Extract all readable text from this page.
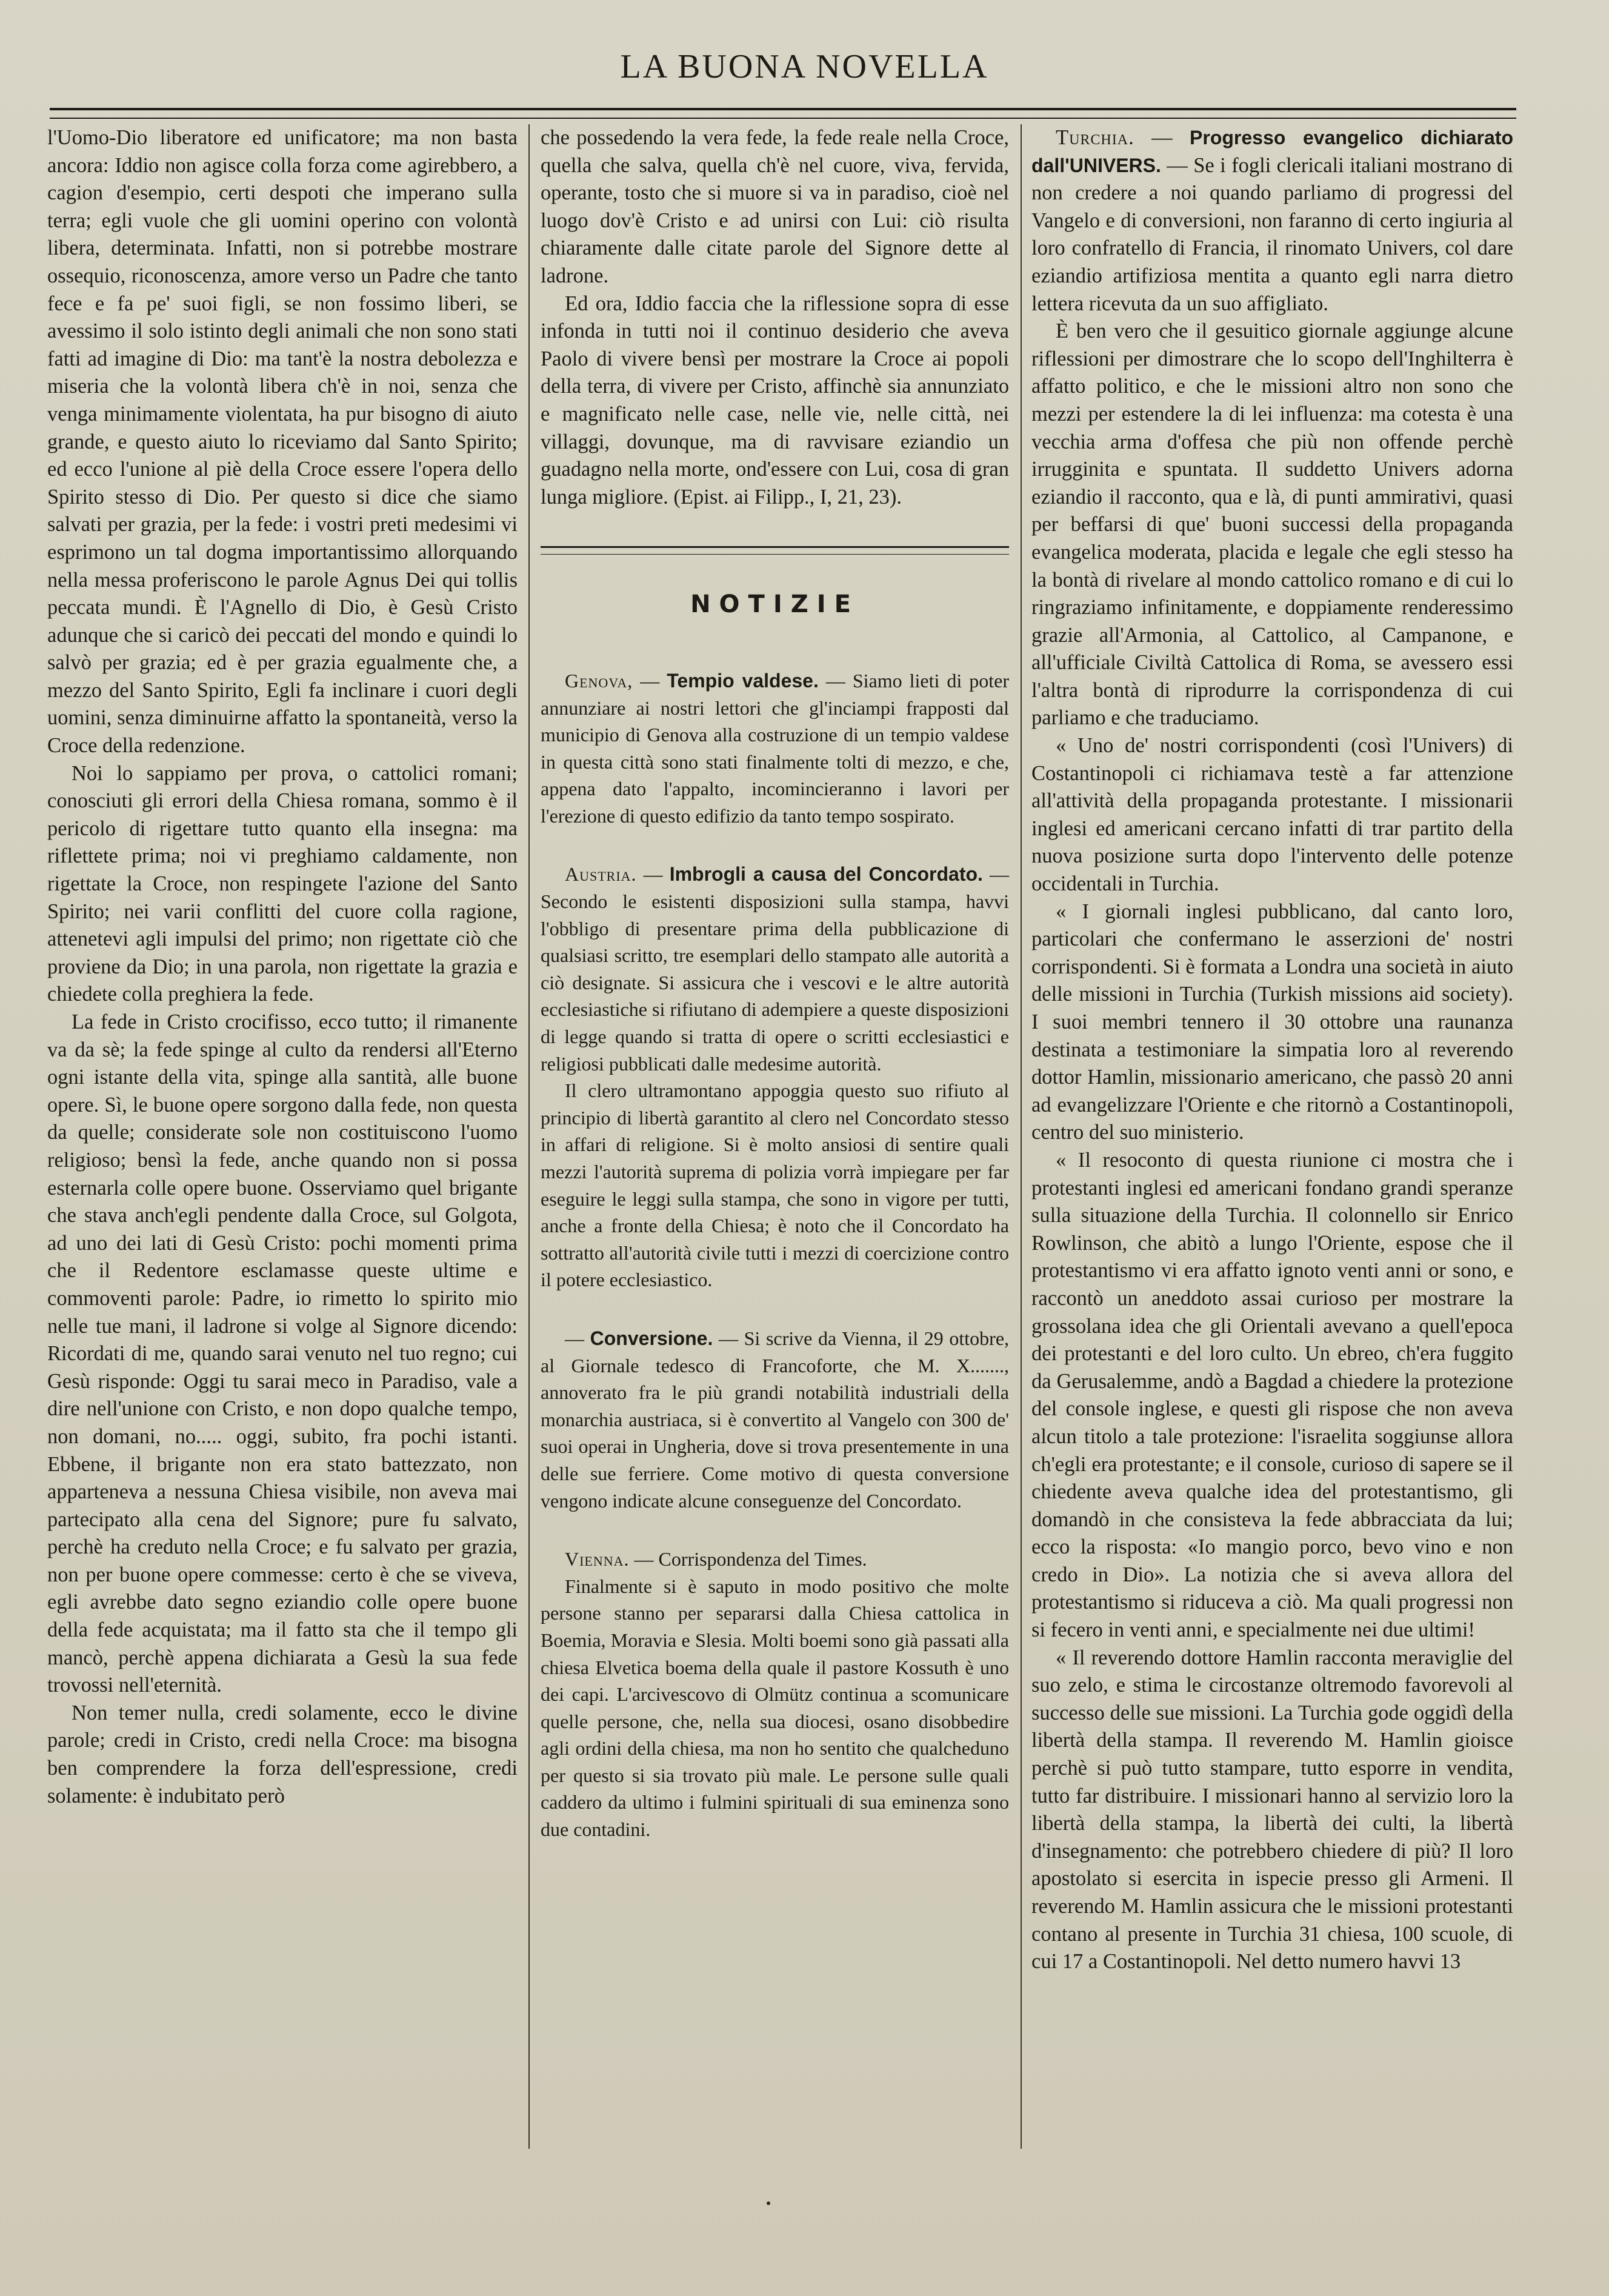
LA BUONA NOVELLA

l'Uomo-Dio liberatore ed unificatore; ma non basta ancora: Iddio non agisce colla forza come agirebbero, a cagion d'esempio, certi despoti che imperano sulla terra; egli vuole che gli uomini operino con volontà libera, determinata. Infatti, non si potrebbe mostrare ossequio, riconoscenza, amore verso un Padre che tanto fece e fa pe' suoi figli, se non fossimo liberi, se avessimo il solo istinto degli animali che non sono stati fatti ad imagine di Dio: ma tant'è la nostra debolezza e miseria che la volontà libera ch'è in noi, senza che venga minimamente violentata, ha pur bisogno di aiuto grande, e questo aiuto lo riceviamo dal Santo Spirito; ed ecco l'unione al piè della Croce essere l'opera dello Spirito stesso di Dio. Per questo si dice che siamo salvati per grazia, per la fede: i vostri preti medesimi vi esprimono un tal dogma importantissimo allorquando nella messa proferiscono le parole Agnus Dei qui tollis peccata mundi. È l'Agnello di Dio, è Gesù Cristo adunque che si caricò dei peccati del mondo e quindi lo salvò per grazia; ed è per grazia egualmente che, a mezzo del Santo Spirito, Egli fa inclinare i cuori degli uomini, senza diminuirne affatto la spontaneità, verso la Croce della redenzione.

Noi lo sappiamo per prova, o cattolici romani; conosciuti gli errori della Chiesa romana, sommo è il pericolo di rigettare tutto quanto ella insegna: ma riflettete prima; noi vi preghiamo caldamente, non rigettate la Croce, non respingete l'azione del Santo Spirito; nei varii conflitti del cuore colla ragione, attenetevi agli impulsi del primo; non rigettate ciò che proviene da Dio; in una parola, non rigettate la grazia e chiedete colla preghiera la fede.

La fede in Cristo crocifisso, ecco tutto; il rimanente va da sè; la fede spinge al culto da rendersi all'Eterno ogni istante della vita, spinge alla santità, alle buone opere. Sì, le buone opere sorgono dalla fede, non questa da quelle; considerate sole non costituiscono l'uomo religioso; bensì la fede, anche quando non si possa esternarla colle opere buone. Osserviamo quel brigante che stava anch'egli pendente dalla Croce, sul Golgota, ad uno dei lati di Gesù Cristo: pochi momenti prima che il Redentore esclamasse queste ultime e commoventi parole: Padre, io rimetto lo spirito mio nelle tue mani, il ladrone si volge al Signore dicendo: Ricordati di me, quando sarai venuto nel tuo regno; cui Gesù risponde: Oggi tu sarai meco in Paradiso, vale a dire nell'unione con Cristo, e non dopo qualche tempo, non domani, no..... oggi, subito, fra pochi istanti. Ebbene, il brigante non era stato battezzato, non apparteneva a nessuna Chiesa visibile, non aveva mai partecipato alla cena del Signore; pure fu salvato, perchè ha creduto nella Croce; e fu salvato per grazia, non per buone opere commesse: certo è che se viveva, egli avrebbe dato segno eziandio colle opere buone della fede acquistata; ma il fatto sta che il tempo gli mancò, perchè appena dichiarata a Gesù la sua fede trovossi nell'eternità.

Non temer nulla, credi solamente, ecco le divine parole; credi in Cristo, credi nella Croce: ma bisogna ben comprendere la forza dell'espressione, credi solamente: è indubitato però

che possedendo la vera fede, la fede reale nella Croce, quella che salva, quella ch'è nel cuore, viva, fervida, operante, tosto che si muore si va in paradiso, cioè nel luogo dov'è Cristo e ad unirsi con Lui: ciò risulta chiaramente dalle citate parole del Signore dette al ladrone.

Ed ora, Iddio faccia che la riflessione sopra di esse infonda in tutti noi il continuo desiderio che aveva Paolo di vivere bensì per mostrare la Croce ai popoli della terra, di vivere per Cristo, affinchè sia annunziato e magnificato nelle case, nelle vie, nelle città, nei villaggi, dovunque, ma di ravvisare eziandio un guadagno nella morte, ond'essere con Lui, cosa di gran lunga migliore. (Epist. ai Filipp., I, 21, 23).

NOTIZIE

Genova, — Tempio valdese. — Siamo lieti di poter annunziare ai nostri lettori che gl'inciampi frapposti dal municipio di Genova alla costruzione di un tempio valdese in questa città sono stati finalmente tolti di mezzo, e che, appena dato l'appalto, incomincieranno i lavori per l'erezione di questo edifizio da tanto tempo sospirato.

Austria. — Imbrogli a causa del Concordato. —Secondo le esistenti disposizioni sulla stampa, havvi l'obbligo di presentare prima della pubblicazione di qualsiasi scritto, tre esemplari dello stampato alle autorità a ciò designate. Si assicura che i vescovi e le altre autorità ecclesiastiche si rifiutano di adempiere a queste disposizioni di legge quando si tratta di opere o scritti ecclesiastici e religiosi pubblicati dalle medesime autorità.

Il clero ultramontano appoggia questo suo rifiuto al principio di libertà garantito al clero nel Concordato stesso in affari di religione. Si è molto ansiosi di sentire quali mezzi l'autorità suprema di polizia vorrà impiegare per far eseguire le leggi sulla stampa, che sono in vigore per tutti, anche a fronte della Chiesa; è noto che il Concordato ha sottratto all'autorità civile tutti i mezzi di coercizione contro il potere ecclesiastico.

— Conversione. — Si scrive da Vienna, il 29 ottobre, al Giornale tedesco di Francoforte, che M. X......., annoverato fra le più grandi notabilità industriali della monarchia austriaca, si è convertito al Vangelo con 300 de' suoi operai in Ungheria, dove si trova presentemente in una delle sue ferriere. Come motivo di questa conversione vengono indicate alcune conseguenze del Concordato.

Vienna. — Corrispondenza del Times.

Finalmente si è saputo in modo positivo che molte persone stanno per separarsi dalla Chiesa cattolica in Boemia, Moravia e Slesia. Molti boemi sono già passati alla chiesa Elvetica boema della quale il pastore Kossuth è uno dei capi. L'arcivescovo di Olmütz continua a scomunicare quelle persone, che, nella sua diocesi, osano disobbedire agli ordini della chiesa, ma non ho sentito che qualcheduno per questo si sia trovato più male. Le persone sulle quali caddero da ultimo i fulmini spirituali di sua eminenza sono due contadini.

Turchia. — Progresso evangelico dichiarato dall'UNIVERS. — Se i fogli clericali italiani mostrano di non credere a noi quando parliamo di progressi del Vangelo e di conversioni, non faranno di certo ingiuria al loro confratello di Francia, il rinomato Univers, col dare eziandio artifiziosa mentita a quanto egli narra dietro lettera ricevuta da un suo affigliato.

È ben vero che il gesuitico giornale aggiunge alcune riflessioni per dimostrare che lo scopo dell'Inghilterra è affatto politico, e che le missioni altro non sono che mezzi per estendere la di lei influenza: ma cotesta è una vecchia arma d'offesa che più non offende perchè irrugginita e spuntata. Il suddetto Univers adorna eziandio il racconto, qua e là, di punti ammirativi, quasi per beffarsi di que' buoni successi della propaganda evangelica moderata, placida e legale che egli stesso ha la bontà di rivelare al mondo cattolico romano e di cui lo ringraziamo infinitamente, e doppiamente renderessimo grazie all'Armonia, al Cattolico, al Campanone, e all'ufficiale Civiltà Cattolica di Roma, se avessero essi l'altra bontà di riprodurre la corrispondenza di cui parliamo e che traduciamo.

« Uno de' nostri corrispondenti (così l'Univers) di Costantinopoli ci richiamava testè a far attenzione all'attività della propaganda protestante. I missionarii inglesi ed americani cercano infatti di trar partito della nuova posizione surta dopo l'intervento delle potenze occidentali in Turchia.

« I giornali inglesi pubblicano, dal canto loro, particolari che confermano le asserzioni de' nostri corrispondenti. Si è formata a Londra una società in aiuto delle missioni in Turchia (Turkish missions aid society). I suoi membri tennero il 30 ottobre una raunanza destinata a testimoniare la simpatia loro al reverendo dottor Hamlin, missionario americano, che passò 20 anni ad evangelizzare l'Oriente e che ritornò a Costantinopoli, centro del suo ministerio.

« Il resoconto di questa riunione ci mostra che i protestanti inglesi ed americani fondano grandi speranze sulla situazione della Turchia. Il colonnello sir Enrico Rowlinson, che abitò a lungo l'Oriente, espose che il protestantismo vi era affatto ignoto venti anni or sono, e raccontò un aneddoto assai curioso per mostrare la grossolana idea che gli Orientali avevano a quell'epoca dei protestanti e del loro culto. Un ebreo, ch'era fuggito da Gerusalemme, andò a Bagdad a chiedere la protezione del console inglese, e questi gli rispose che non aveva alcun titolo a tale protezione: l'israelita soggiunse allora ch'egli era protestante; e il console, curioso di sapere se il chiedente aveva qualche idea del protestantismo, gli domandò in che consisteva la fede abbracciata da lui; ecco la risposta: «Io mangio porco, bevo vino e non credo in Dio». La notizia che si aveva allora del protestantismo si riduceva a ciò. Ma quali progressi non si fecero in venti anni, e specialmente nei due ultimi!

« Il reverendo dottore Hamlin racconta meraviglie del suo zelo, e stima le circostanze oltremodo favorevoli al successo delle sue missioni. La Turchia gode oggidì della libertà della stampa. Il reverendo M. Hamlin gioisce perchè si può tutto stampare, tutto esporre in vendita, tutto far distribuire. I missionari hanno al servizio loro la libertà della stampa, la libertà dei culti, la libertà d'insegnamento: che potrebbero chiedere di più? Il loro apostolato si esercita in ispecie presso gli Armeni. Il reverendo M. Hamlin assicura che le missioni protestanti contano al presente in Turchia 31 chiesa, 100 scuole, di cui 17 a Costantinopoli. Nel detto numero havvi 13
